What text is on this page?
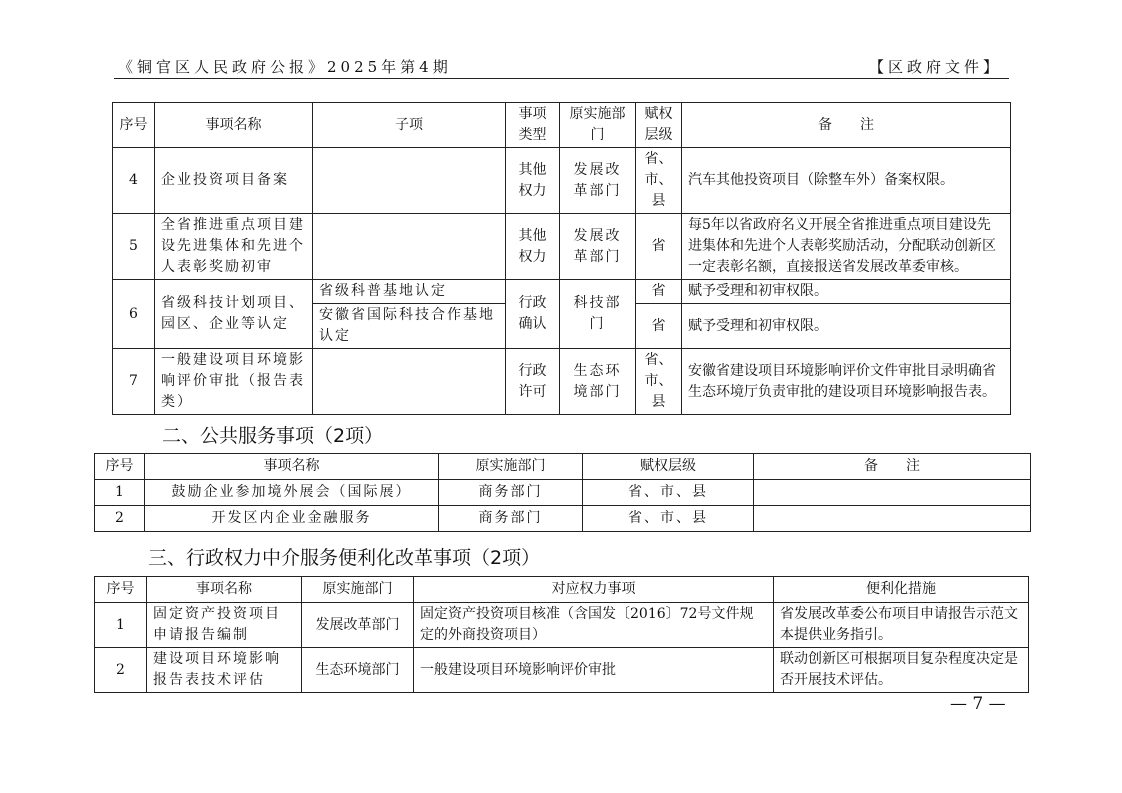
《铜官区人民政府公报》2025年第4期	【区政府文件】
序号	事项名称	子项	事项类型	原实施部门	赋权层级	备　　注
4	企业投资项目备案		其他权力	发展改革部门	省、市、县	汽车其他投资项目（除整车外）备案权限。
5	全省推进重点项目建设先进集体和先进个人表彰奖励初审		其他权力	发展改革部门	省	每5年以省政府名义开展全省推进重点项目建设先进集体和先进个人表彰奖励活动，分配联动创新区一定表彰名额，直接报送省发展改革委审核。
6	省级科技计划项目、园区、企业等认定	省级科普基地认定	行政确认	科技部门	省	赋予受理和初审权限。
		安徽省国际科技合作基地认定			省	赋予受理和初审权限。
7	一般建设项目环境影响评价审批（报告表类）		行政许可	生态环境部门	省、市、县	安徽省建设项目环境影响评价文件审批目录明确省生态环境厅负责审批的建设项目环境影响报告表。
二、公共服务事项（2项）
序号	事项名称	原实施部门	赋权层级	备　　注
1	鼓励企业参加境外展会（国际展）	商务部门	省、市、县	
2	开发区内企业金融服务	商务部门	省、市、县	
三、行政权力中介服务便利化改革事项（2项）
序号	事项名称	原实施部门	对应权力事项	便利化措施
1	固定资产投资项目申请报告编制	发展改革部门	固定资产投资项目核准（含国发〔2016〕72号文件规定的外商投资项目）	省发展改革委公布项目申请报告示范文本提供业务指引。
2	建设项目环境影响报告表技术评估	生态环境部门	一般建设项目环境影响评价审批	联动创新区可根据项目复杂程度决定是否开展技术评估。
— 7 —
